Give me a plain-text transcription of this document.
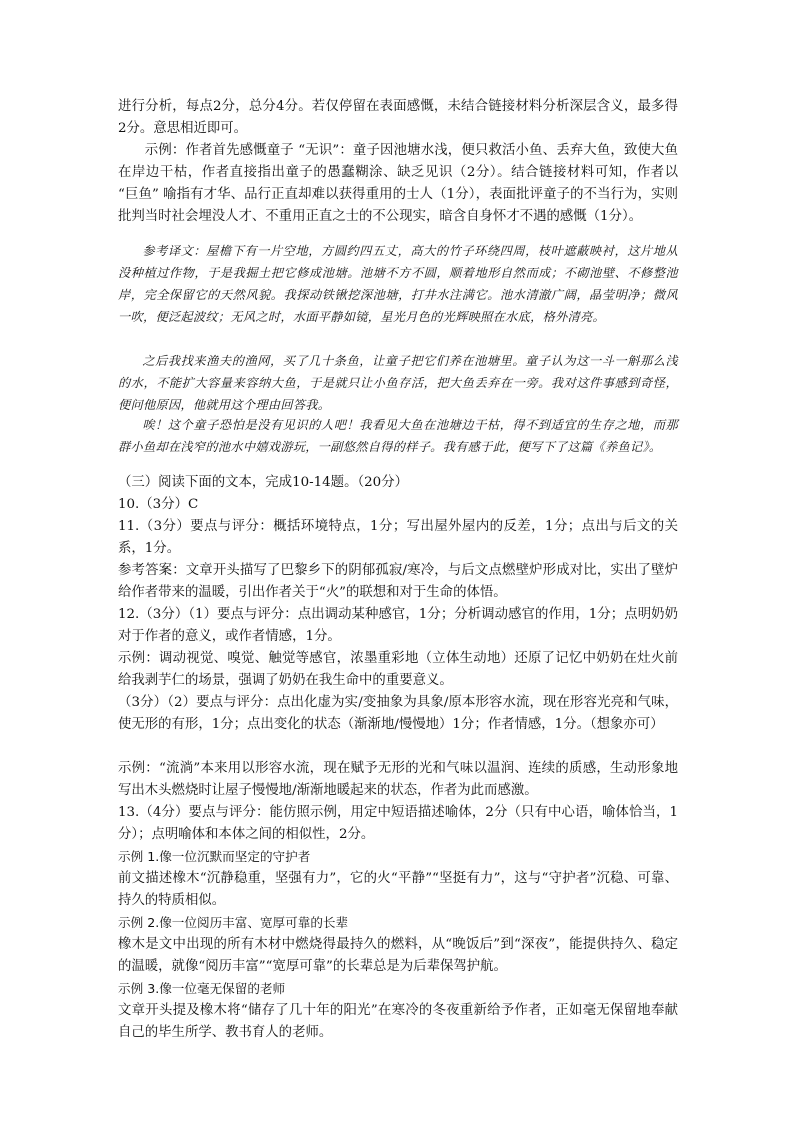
进行分析，每点2分，总分4分。若仅停留在表面感慨，未结合链接材料分析深层含义，最多得2分。意思相近即可。

示例：作者首先感慨童子 “无识”：童子因池塘水浅，便只救活小鱼、丢弃大鱼，致使大鱼在岸边干枯，作者直接指出童子的愚蠢糊涂、缺乏见识（2分）。结合链接材料可知，作者以 “巨鱼” 喻指有才华、品行正直却难以获得重用的士人（1分），表面批评童子的不当行为，实则批判当时社会埋没人才、不重用正直之士的不公现实，暗含自身怀才不遇的感慨（1分）。

参考译文：屋檐下有一片空地，方圆约四五丈，高大的竹子环绕四周，枝叶遮蔽映衬，这片地从没种植过作物，于是我掘土把它修成池塘。池塘不方不圆，顺着地形自然而成；不砌池壁、不修整池岸，完全保留它的天然风貌。我探动铁锹挖深池塘，打井水注满它。池水清澈广阔，晶莹明净；微风一吹，便泛起波纹；无风之时，水面平静如镜，星光月色的光辉映照在水底，格外清亮。

之后我找来渔夫的渔网，买了几十条鱼，让童子把它们养在池塘里。童子认为这一斗一斛那么浅的水，不能扩大容量来容纳大鱼，于是就只让小鱼存活，把大鱼丢弃在一旁。我对这件事感到奇怪，便问他原因，他就用这个理由回答我。

唉！这个童子恐怕是没有见识的人吧！我看见大鱼在池塘边干枯，得不到适宜的生存之地，而那群小鱼却在浅窄的池水中嬉戏游玩，一副悠然自得的样子。我有感于此，便写下了这篇《养鱼记》。

（三）阅读下面的文本，完成10-14题。（20分）

10.（3分）C

11.（3分）要点与评分：概括环境特点，1分；写出屋外屋内的反差，1分；点出与后文的关系，1分。

参考答案：文章开头描写了巴黎乡下的阴郁孤寂/寒冷，与后文点燃壁炉形成对比，实出了壁炉给作者带来的温暖，引出作者关于“火”的联想和对于生命的体悟。

12.（3分）（1）要点与评分：点出调动某种感官，1分；分析调动感官的作用，1分；点明奶奶对于作者的意义，或作者情感，1分。

示例：调动视觉、嗅觉、触觉等感官，浓墨重彩地（立体生动地）还原了记忆中奶奶在灶火前给我剥芋仁的场景，强调了奶奶在我生命中的重要意义。

（3分）（2）要点与评分：点出化虚为实/变抽象为具象/原本形容水流，现在形容光亮和气味，使无形的有形，1分；点出变化的状态（渐渐地/慢慢地）1分；作者情感，1分。（想象亦可）

示例：“流淌”本来用以形容水流，现在赋予无形的光和气味以温润、连续的质感，生动形象地写出木头燃烧时让屋子慢慢地/渐渐地暖起来的状态，作者为此而感激。

13.（4分）要点与评分：能仿照示例，用定中短语描述喻体，2分（只有中心语，喻体恰当，1分）；点明喻体和本体之间的相似性，2分。

示例 1.像一位沉默而坚定的守护者

前文描述橡木“沉静稳重，坚强有力”，它的火“平静”“坚挺有力”，这与“守护者”沉稳、可靠、持久的特质相似。

示例 2.像一位阅历丰富、宽厚可靠的长辈

橡木是文中出现的所有木材中燃烧得最持久的燃料，从“晚饭后”到“深夜”，能提供持久、稳定的温暖，就像“阅历丰富”“宽厚可靠”的长辈总是为后辈保驾护航。

示例 3.像一位毫无保留的老师

文章开头提及橡木将“储存了几十年的阳光”在寒冷的冬夜重新给予作者，正如毫无保留地奉献自己的毕生所学、教书育人的老师。
